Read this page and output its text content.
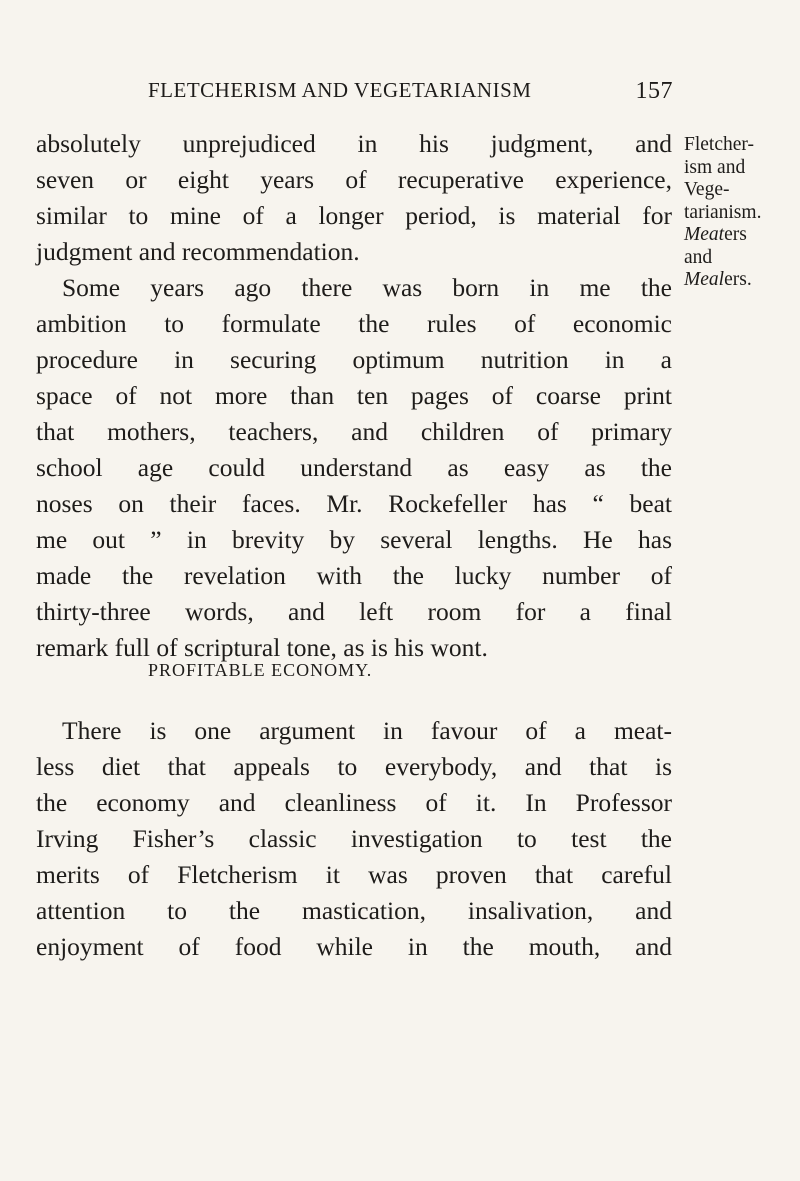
FLETCHERISM AND VEGETARIANISM	157
absolutely unprejudiced in his judgment, and
seven or eight years of recuperative experience,
similar to mine of a longer period, is material for
judgment and recommendation.
Some years ago there was born in me the
ambition to formulate the rules of economic
procedure in securing optimum nutrition in a
space of not more than ten pages of coarse print
that mothers, teachers, and children of primary
school age could understand as easy as the
noses on their faces. Mr. Rockefeller has “ beat
me out ” in brevity by several lengths. He has
made the revelation with the lucky number of
thirty-three words, and left room for a final
remark full of scriptural tone, as is his wont.
Fletcher-
ism and
Vege-
tarianism.
Meaters
and
Mealers.
PROFITABLE ECONOMY.
There is one argument in favour of a meat-
less diet that appeals to everybody, and that is
the economy and cleanliness of it. In Professor
Irving Fisher’s classic investigation to test the
merits of Fletcherism it was proven that careful
attention to the mastication, insalivation, and
enjoyment of food while in the mouth, and
